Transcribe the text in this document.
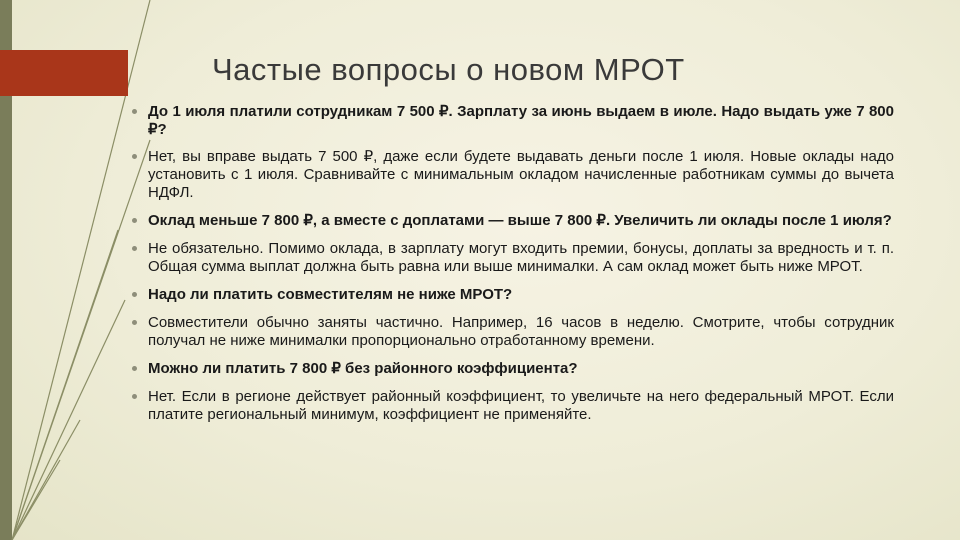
Частые вопросы о новом МРОТ
До 1 июля платили сотрудникам 7 500 ₽. Зарплату за июнь выдаем в июле. Надо выдать уже 7 800 ₽?
Нет, вы вправе выдать 7 500 ₽, даже если будете выдавать деньги после 1 июля. Новые оклады надо установить с 1 июля. Сравнивайте с минимальным окладом начисленные работникам суммы до вычета НДФЛ.
Оклад меньше 7 800 ₽, а вместе с доплатами — выше 7 800 ₽. Увеличить ли оклады после 1 июля?
Не обязательно. Помимо оклада, в зарплату могут входить премии, бонусы, доплаты за вредность и т. п. Общая сумма выплат должна быть равна или выше минималки. А сам оклад может быть ниже МРОТ.
Надо ли платить совместителям не ниже МРОТ?
Совместители обычно заняты частично. Например, 16 часов в неделю. Смотрите, чтобы сотрудник получал не ниже минималки пропорционально отработанному времени.
Можно ли платить 7 800 ₽ без районного коэффициента?
Нет. Если в регионе действует районный коэффициент, то увеличьте на него федеральный МРОТ. Если платите региональный минимум, коэффициент не применяйте.
